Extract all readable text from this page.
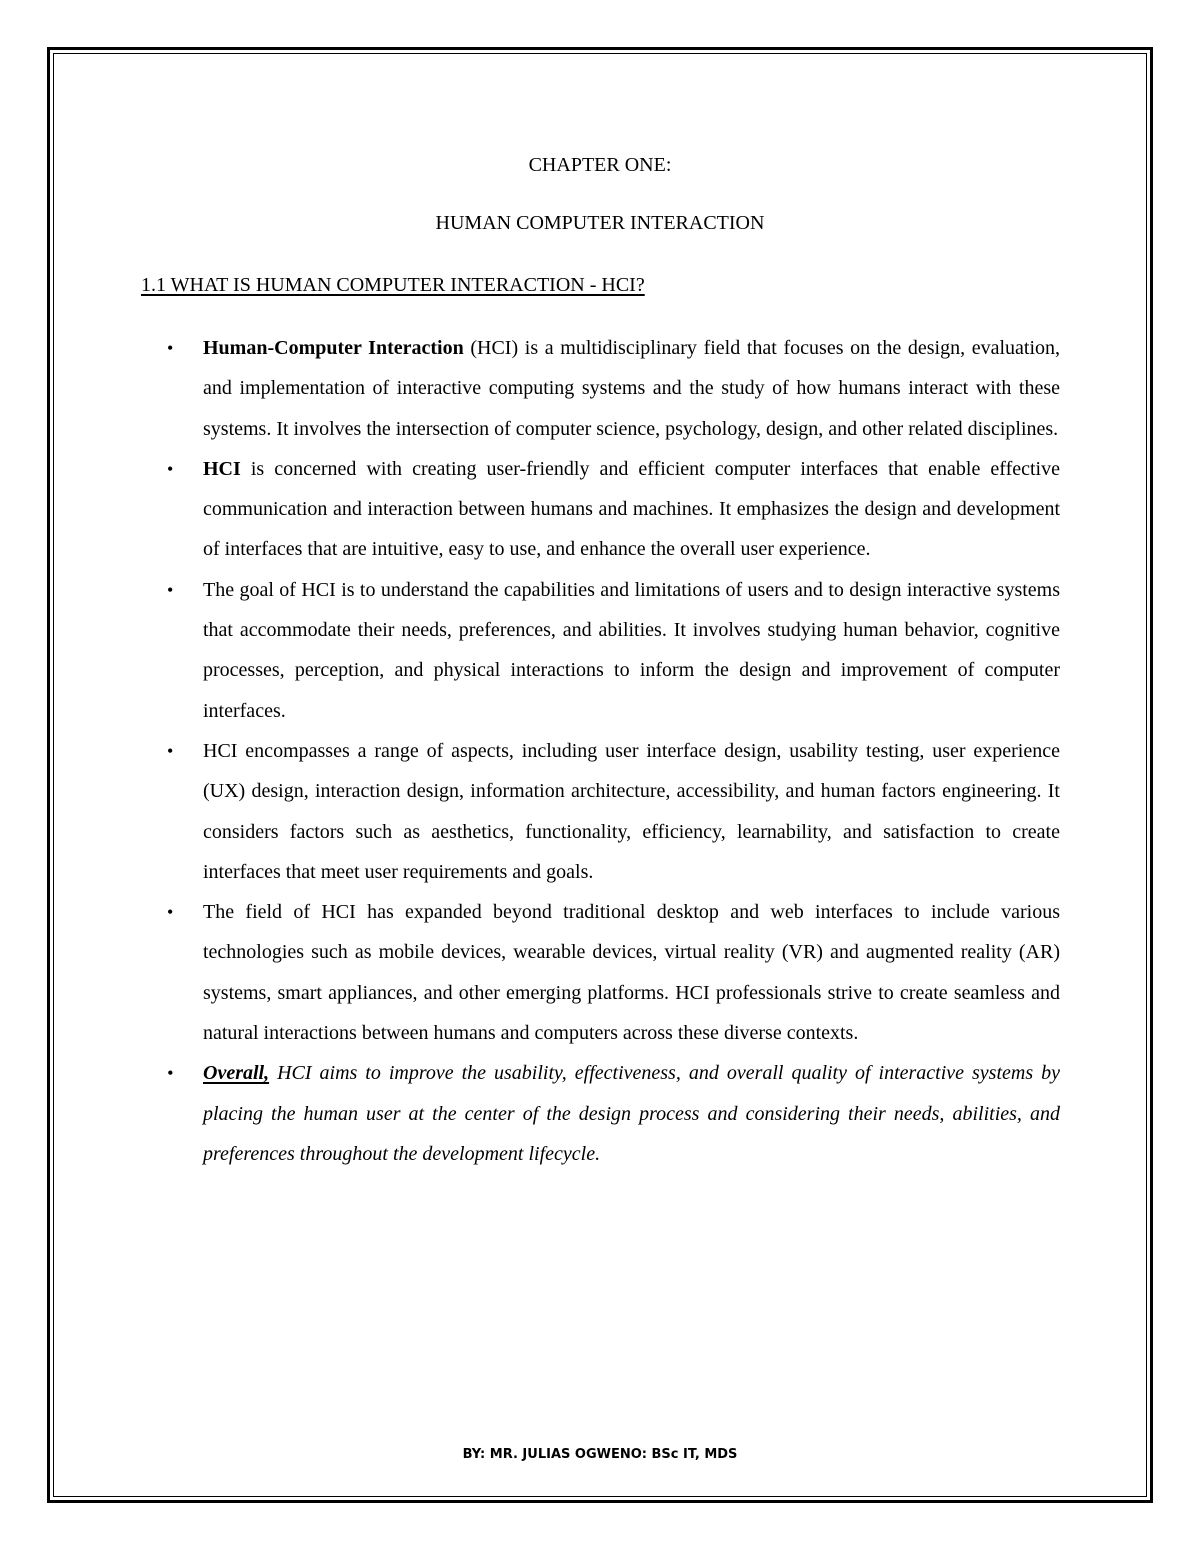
CHAPTER ONE:
HUMAN COMPUTER INTERACTION
1.1 WHAT IS HUMAN COMPUTER INTERACTION - HCI?
• Human-Computer Interaction (HCI) is a multidisciplinary field that focuses on the design, evaluation, and implementation of interactive computing systems and the study of how humans interact with these systems. It involves the intersection of computer science, psychology, design, and other related disciplines.
• HCI is concerned with creating user-friendly and efficient computer interfaces that enable effective communication and interaction between humans and machines. It emphasizes the design and development of interfaces that are intuitive, easy to use, and enhance the overall user experience.
• The goal of HCI is to understand the capabilities and limitations of users and to design interactive systems that accommodate their needs, preferences, and abilities. It involves studying human behavior, cognitive processes, perception, and physical interactions to inform the design and improvement of computer interfaces.
• HCI encompasses a range of aspects, including user interface design, usability testing, user experience (UX) design, interaction design, information architecture, accessibility, and human factors engineering. It considers factors such as aesthetics, functionality, efficiency, learnability, and satisfaction to create interfaces that meet user requirements and goals.
• The field of HCI has expanded beyond traditional desktop and web interfaces to include various technologies such as mobile devices, wearable devices, virtual reality (VR) and augmented reality (AR) systems, smart appliances, and other emerging platforms. HCI professionals strive to create seamless and natural interactions between humans and computers across these diverse contexts.
• Overall, HCI aims to improve the usability, effectiveness, and overall quality of interactive systems by placing the human user at the center of the design process and considering their needs, abilities, and preferences throughout the development lifecycle.
BY: MR. JULIAS OGWENO: BSc IT, MDS
